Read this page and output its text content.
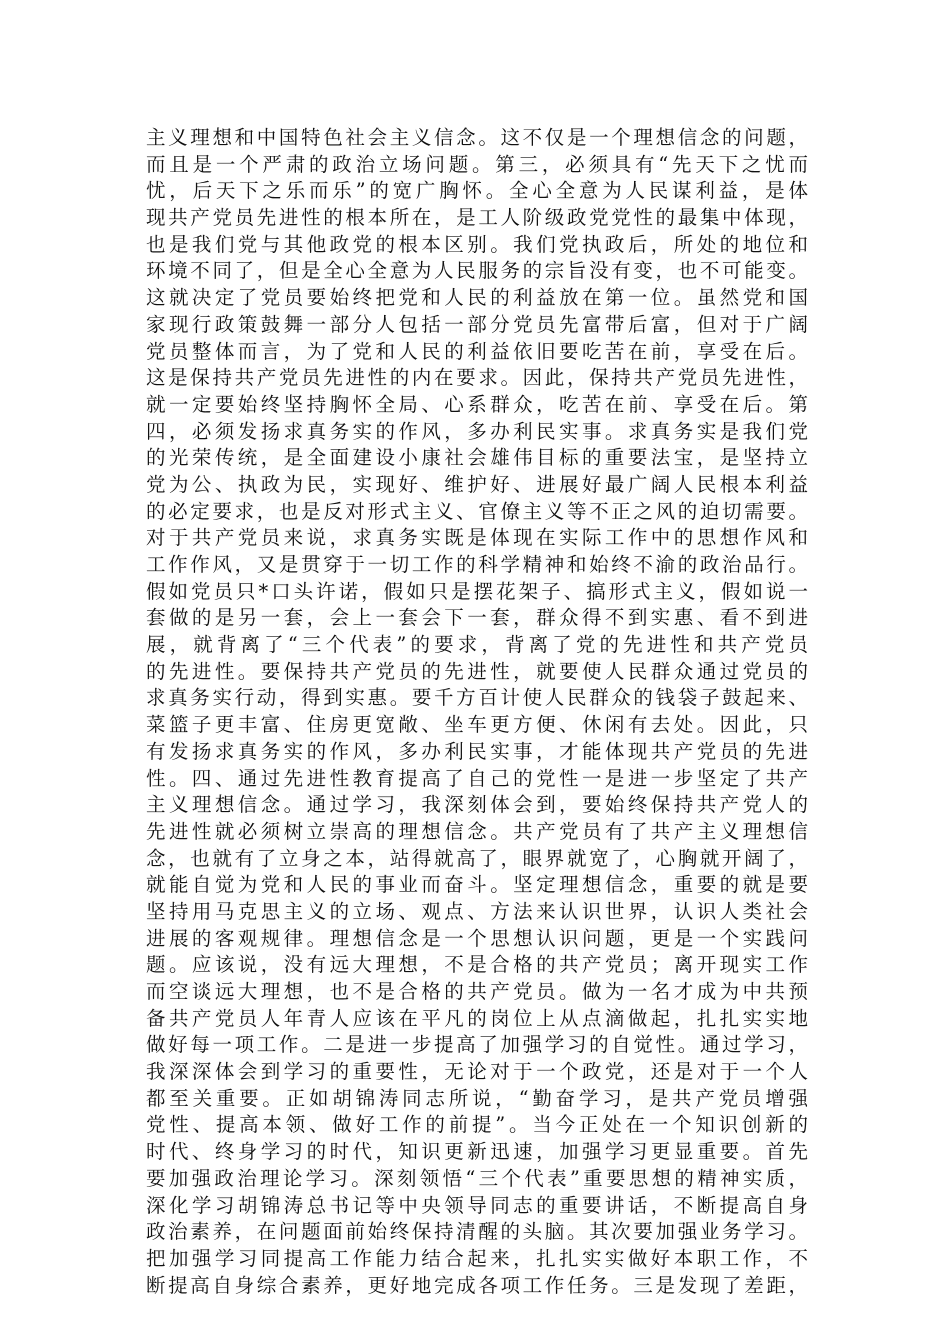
主义理想和中国特色社会主义信念。这不仅是一个理想信念的问题，
而且是一个严肃的政治立场问题。第三，必须具有“先天下之忧而
忧，后天下之乐而乐”的宽广胸怀。全心全意为人民谋利益，是体
现共产党员先进性的根本所在，是工人阶级政党党性的最集中体现，
也是我们党与其他政党的根本区别。我们党执政后，所处的地位和
环境不同了，但是全心全意为人民服务的宗旨没有变，也不可能变。
这就决定了党员要始终把党和人民的利益放在第一位。虽然党和国
家现行政策鼓舞一部分人包括一部分党员先富带后富，但对于广阔
党员整体而言，为了党和人民的利益依旧要吃苦在前，享受在后。
这是保持共产党员先进性的内在要求。因此，保持共产党员先进性，
就一定要始终坚持胸怀全局、心系群众，吃苦在前、享受在后。第
四，必须发扬求真务实的作风，多办利民实事。求真务实是我们党
的光荣传统，是全面建设小康社会雄伟目标的重要法宝，是坚持立
党为公、执政为民，实现好、维护好、进展好最广阔人民根本利益
的必定要求，也是反对形式主义、官僚主义等不正之风的迫切需要。
对于共产党员来说，求真务实既是体现在实际工作中的思想作风和
工作作风，又是贯穿于一切工作的科学精神和始终不渝的政治品行。
假如党员只*口头许诺，假如只是摆花架子、搞形式主义，假如说一
套做的是另一套，会上一套会下一套，群众得不到实惠、看不到进
展，就背离了“三个代表”的要求，背离了党的先进性和共产党员
的先进性。要保持共产党员的先进性，就要使人民群众通过党员的
求真务实行动，得到实惠。要千方百计使人民群众的钱袋子鼓起来、
菜篮子更丰富、住房更宽敞、坐车更方便、休闲有去处。因此，只
有发扬求真务实的作风，多办利民实事，才能体现共产党员的先进
性。四、通过先进性教育提高了自己的党性一是进一步坚定了共产
主义理想信念。通过学习，我深刻体会到，要始终保持共产党人的
先进性就必须树立崇高的理想信念。共产党员有了共产主义理想信
念，也就有了立身之本，站得就高了，眼界就宽了，心胸就开阔了，
就能自觉为党和人民的事业而奋斗。坚定理想信念，重要的就是要
坚持用马克思主义的立场、观点、方法来认识世界，认识人类社会
进展的客观规律。理想信念是一个思想认识问题，更是一个实践问
题。应该说，没有远大理想，不是合格的共产党员；离开现实工作
而空谈远大理想，也不是合格的共产党员。做为一名才成为中共预
备共产党员人年青人应该在平凡的岗位上从点滴做起，扎扎实实地
做好每一项工作。二是进一步提高了加强学习的自觉性。通过学习，
我深深体会到学习的重要性，无论对于一个政党，还是对于一个人
都至关重要。正如胡锦涛同志所说，“勤奋学习，是共产党员增强
党性、提高本领、做好工作的前提”。当今正处在一个知识创新的
时代、终身学习的时代，知识更新迅速，加强学习更显重要。首先
要加强政治理论学习。深刻领悟“三个代表”重要思想的精神实质，
深化学习胡锦涛总书记等中央领导同志的重要讲话，不断提高自身
政治素养，在问题面前始终保持清醒的头脑。其次要加强业务学习。
把加强学习同提高工作能力结合起来，扎扎实实做好本职工作，不
断提高自身综合素养，更好地完成各项工作任务。三是发现了差距，
